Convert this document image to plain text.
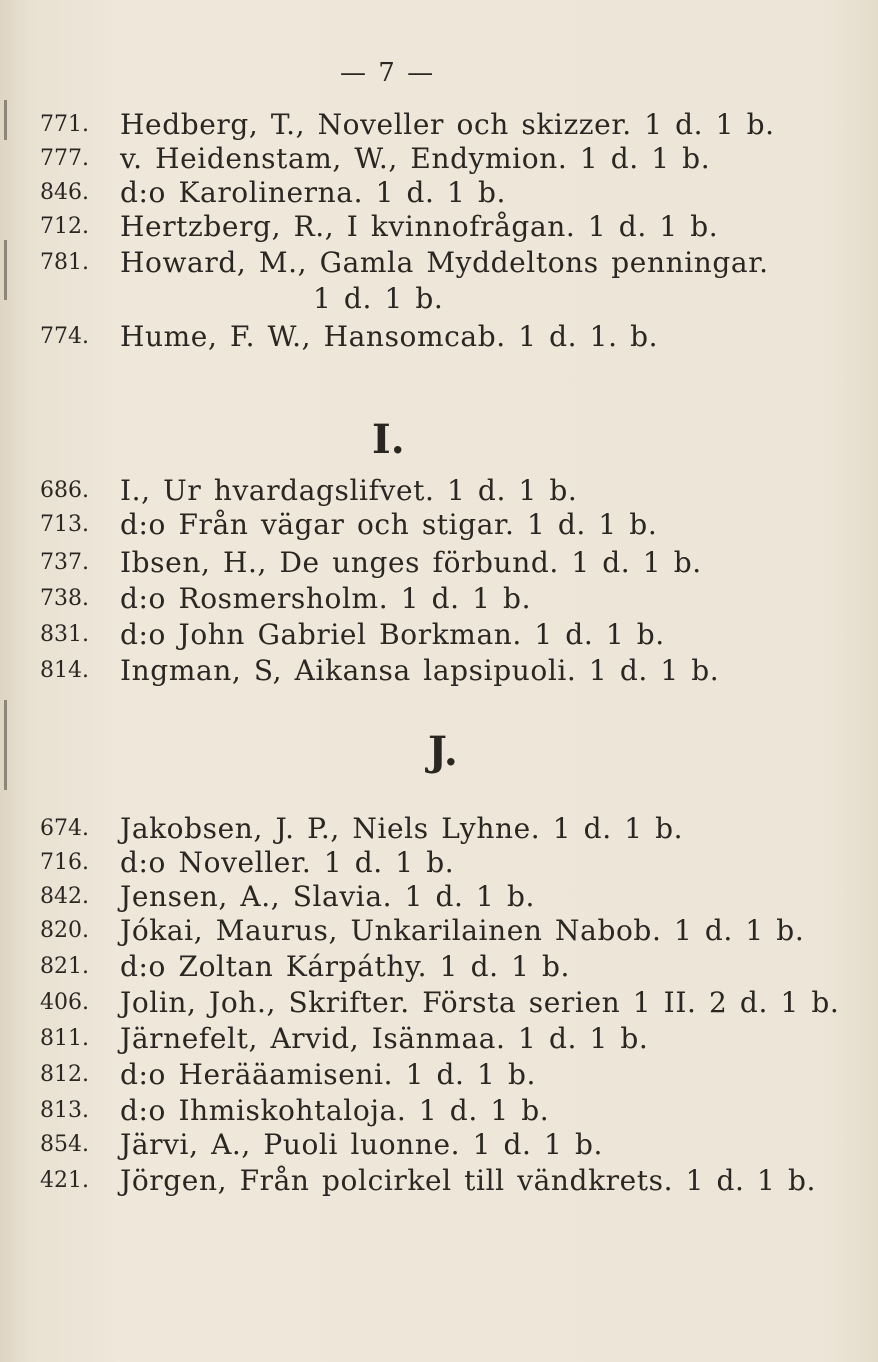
— 7 —
771.	Hedberg, T., Noveller och skizzer. 1 d. 1 b.
777.	v. Heidenstam, W., Endymion. 1 d. 1 b.
846.	d:o Karolinerna. 1 d. 1 b.
712.	Hertzberg, R., I kvinnofrågan. 1 d. 1 b.
781.	Howard, M., Gamla Myddeltons penningar.
1 d. 1 b.
774.	Hume, F. W., Hansomcab. 1 d. 1. b.
I.
686.	I., Ur hvardagslifvet. 1 d. 1 b.
713.	d:o Från vägar och stigar. 1 d. 1 b.
737.	Ibsen, H., De unges förbund. 1 d. 1 b.
738.	d:o Rosmersholm. 1 d. 1 b.
831.	d:o John Gabriel Borkman. 1 d. 1 b.
814.	Ingman, S, Aikansa lapsipuoli. 1 d. 1 b.
J.
674.	Jakobsen, J. P., Niels Lyhne. 1 d. 1 b.
716.	d:o Noveller. 1 d. 1 b.
842.	Jensen, A., Slavia. 1 d. 1 b.
820.	Jókai, Maurus, Unkarilainen Nabob. 1 d. 1 b.
821.	d:o Zoltan Kárpáthy. 1 d. 1 b.
406.	Jolin, Joh., Skrifter. Första serien 1 II. 2 d. 1 b.
811.	Järnefelt, Arvid, Isänmaa. 1 d. 1 b.
812.	d:o Herääamiseni. 1 d. 1 b.
813.	d:o Ihmiskohtaloja. 1 d. 1 b.
854.	Järvi, A., Puoli luonne. 1 d. 1 b.
421.	Jörgen, Från polcirkel till vändkrets. 1 d. 1 b.
